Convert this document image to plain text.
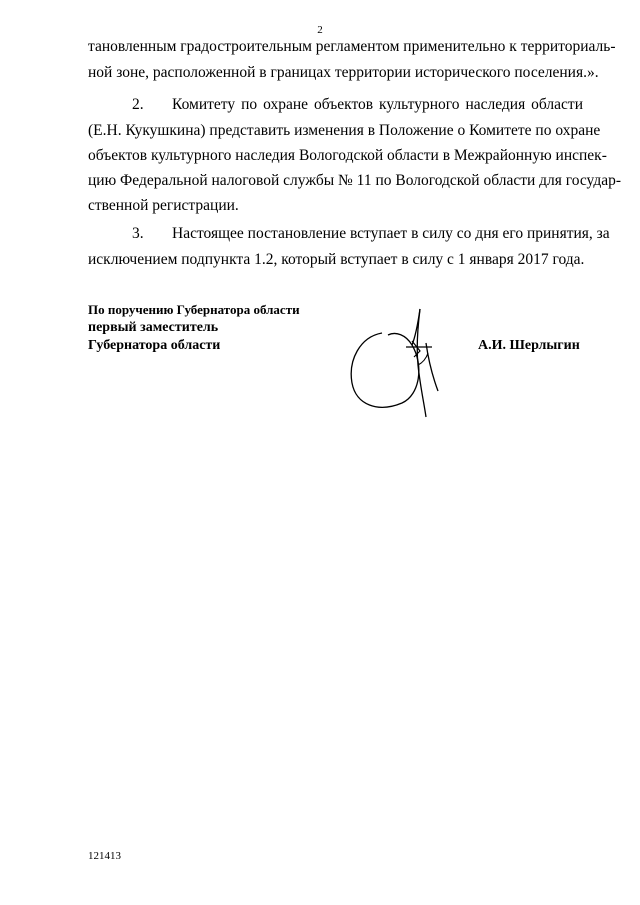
2
тановленным градостроительным регламентом применительно к территориаль-
ной зоне, расположенной в границах территории исторического поселения.».
2. Комитету по охране объектов культурного наследия области
(Е.Н. Кукушкина) представить изменения в Положение о Комитете по охране
объектов культурного наследия Вологодской области в Межрайонную инспек-
цию Федеральной налоговой службы № 11 по Вологодской области для государ-
ственной регистрации.
3. Настоящее постановление вступает в силу со дня его принятия, за
исключением подпункта 1.2, который вступает в силу с 1 января 2017 года.
По поручению Губернатора области
первый заместитель
Губернатора области	А.И. Шерлыгин
121413
